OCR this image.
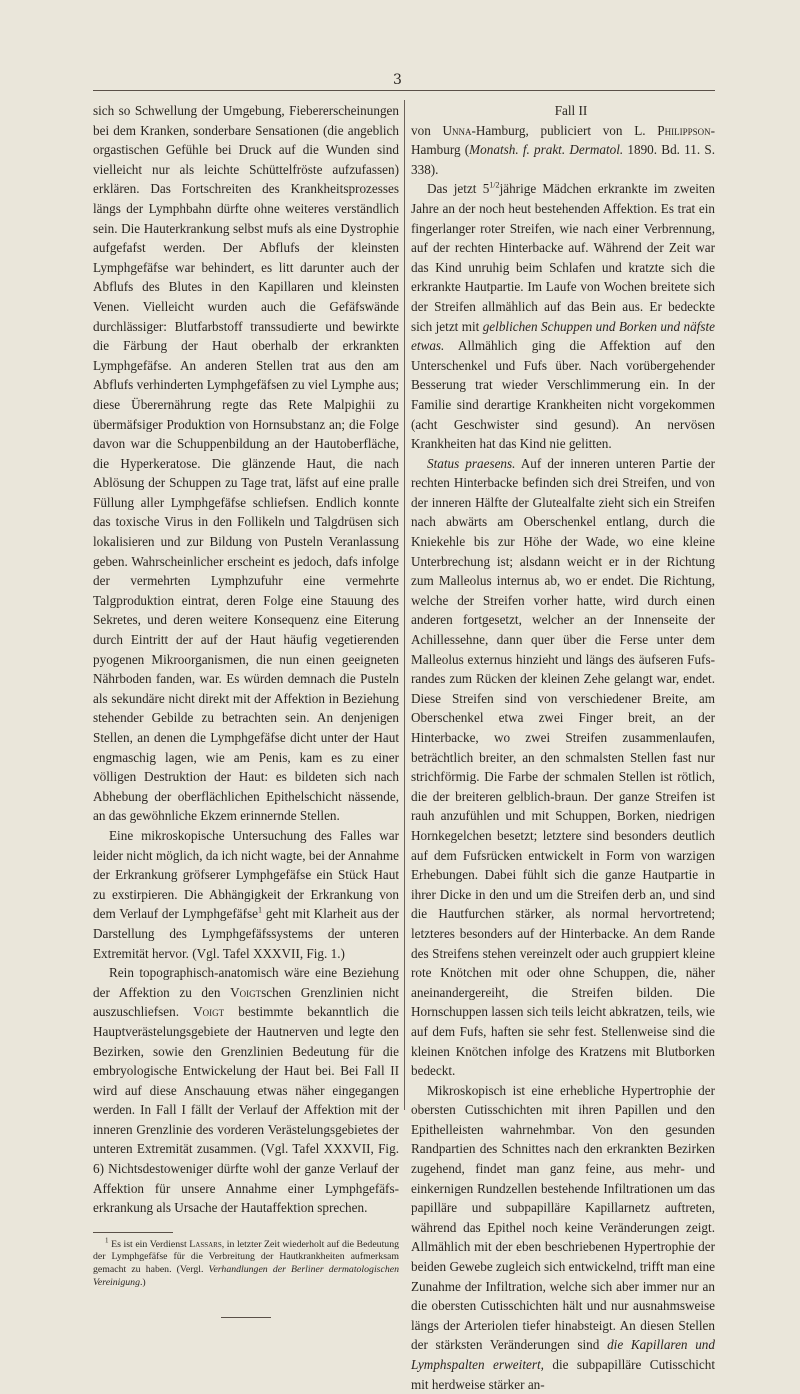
3

sich so Schwellung der Umgebung, Fiebererscheinungen bei dem Kranken, sonderbare Sensationen (die angeblich orgastischen Gefühle bei Druck auf die Wunden sind vielleicht nur als leichte Schüttelfröste aufzufassen) erklären. Das Fortschreiten des Krankheitsprozesses längs der Lymphbahn dürfte ohne weiteres verständlich sein. Die Hauterkrankung selbst mufs als eine Dystrophie aufgefafst werden. Der Abflufs der kleinsten Lymphgefäfse war behindert, es litt darunter auch der Abflufs des Blutes in den Kapillaren und kleinsten Venen. Vielleicht wurden auch die Gefäfswände durchlässiger: Blutfarbstoff transsudierte und bewirkte die Färbung der Haut oberhalb der erkrankten Lymphgefäfse. An anderen Stellen trat aus den am Abflufs verhinderten Lymphgefäfsen zu viel Lymphe aus; diese Überernährung regte das Rete Malpighii zu übermäfsiger Produktion von Hornsubstanz an; die Folge davon war die Schuppenbildung an der Hautoberfläche, die Hyperkeratose. Die glänzende Haut, die nach Ablösung der Schuppen zu Tage trat, läfst auf eine pralle Füllung aller Lymphgefäfse schliefsen. Endlich konnte das toxische Virus in den Follikeln und Talgdrüsen sich lokalisieren und zur Bildung von Pusteln Veranlassung geben. Wahrscheinlicher erscheint es jedoch, dafs infolge der vermehrten Lymphzufuhr eine vermehrte Talgproduktion eintrat, deren Folge eine Stauung des Sekretes, und deren weitere Konsequenz eine Eiterung durch Eintritt der auf der Haut häufig vegetierenden pyogenen Mikroorganismen, die nun einen geeigneten Nährboden fanden, war. Es würden demnach die Pusteln als sekundäre nicht direkt mit der Affektion in Beziehung stehender Gebilde zu betrachten sein. An denjenigen Stellen, an denen die Lymphgefäfse dicht unter der Haut engmaschig lagen, wie am Penis, kam es zu einer völligen Destruktion der Haut: es bildeten sich nach Abhebung der oberflächlichen Epithelschicht nässende, an das gewöhnliche Ekzem erinnernde Stellen.

Eine mikroskopische Untersuchung des Falles war leider nicht möglich, da ich nicht wagte, bei der Annahme der Erkrankung gröfserer Lymphgefäfse ein Stück Haut zu exstirpieren. Die Abhängigkeit der Erkrankung von dem Verlauf der Lymphgefäfse$^1$ geht mit Klarheit aus der Darstellung des Lymphgefäfssystems der unteren Extremität hervor. (Vgl. Tafel XXXVII, Fig. 1.)

Rein topographisch-anatomisch wäre eine Beziehung der Affektion zu den Voigtschen Grenzlinien nicht auszuschliefsen. Voigt bestimmte bekanntlich die Hauptverästelungsgebiete der Hautnerven und legte den Bezirken, sowie den Grenzlinien Bedeutung für die embryologische Entwickelung der Haut bei. Bei Fall II wird auf diese Anschauung etwas näher eingegangen werden. In Fall I fällt der Verlauf der Affektion mit der inneren Grenzlinie des vorderen Verästelungsgebietes der unteren Extremität zusammen. (Vgl. Tafel XXXVII, Fig. 6) Nichtsdestoweniger dürfte wohl der ganze Verlauf der Affektion für unsere Annahme einer Lymphgefäfserkrankung als Ursache der Hautaffektion sprechen.

$^1$ Es ist ein Verdienst Lassars, in letzter Zeit wiederholt auf die Bedeutung der Lymphgefäfse für die Verbreitung der Hautkrankheiten aufmerksam gemacht zu haben. (Vergl. Verhandlungen der Berliner dermatologischen Vereinigung.)

Fall II

von Unna-Hamburg, publiciert von L. Philippson-Hamburg (Monatsh. f. prakt. Dermatol. 1890. Bd. 11. S. 338).

Das jetzt $5^{1/2}jährige$ Mädchen erkrankte im zweiten Jahre an der noch heut bestehenden Affektion. Es trat ein fingerlanger roter Streifen, wie nach einer Verbrennung, auf der rechten Hinterbacke auf. Während der Zeit war das Kind unruhig beim Schlafen und kratzte sich die erkrankte Hautpartie. Im Laufe von Wochen breitete sich der Streifen allmählich auf das Bein aus. Er bedeckte sich jetzt mit gelblichen Schuppen und Borken und näfste etwas. Allmählich ging die Affektion auf den Unterschenkel und Fufs über. Nach vorübergehender Besserung trat wieder Verschlimmerung ein. In der Familie sind derartige Krankheiten nicht vorgekommen (acht Geschwister sind gesund). An nervösen Krankheiten hat das Kind nie gelitten.

Status praesens. Auf der inneren unteren Partie der rechten Hinterbacke befinden sich drei Streifen, und von der inneren Hälfte der Glutealfalte zieht sich ein Streifen nach abwärts am Oberschenkel entlang, durch die Kniekehle bis zur Höhe der Wade, wo eine kleine Unterbrechung ist; alsdann weicht er in der Richtung zum Malleolus internus ab, wo er endet. Die Richtung, welche der Streifen vorher hatte, wird durch einen anderen fortgesetzt, welcher an der Innenseite der Achillessehne, dann quer über die Ferse unter dem Malleolus externus hinzieht und längs des äufseren Fufsrandes zum Rücken der kleinen Zehe gelangt war, endet. Diese Streifen sind von verschiedener Breite, am Oberschenkel etwa zwei Finger breit, an der Hinterbacke, wo zwei Streifen zusammenlaufen, beträchtlich breiter, an den schmalsten Stellen fast nur strichförmig. Die Farbe der schmalen Stellen ist rötlich, die der breiteren gelblich-braun. Der ganze Streifen ist rauh anzufühlen und mit Schuppen, Borken, niedrigen Hornkegelchen besetzt; letztere sind besonders deutlich auf dem Fufsrücken entwickelt in Form von warzigen Erhebungen. Dabei fühlt sich die ganze Hautpartie in ihrer Dicke in den und um die Streifen derb an, und sind die Hautfurchen stärker, als normal hervortretend; letzteres besonders auf der Hinterbacke. An dem Rande des Streifens stehen vereinzelt oder auch gruppiert kleine rote Knötchen mit oder ohne Schuppen, die, näher aneinandergereiht, die Streifen bilden. Die Hornschuppen lassen sich teils leicht abkratzen, teils, wie auf dem Fufs, haften sie sehr fest. Stellenweise sind die kleinen Knötchen infolge des Kratzens mit Blutborken bedeckt.

Mikroskopisch ist eine erhebliche Hypertrophie der obersten Cutisschichten mit ihren Papillen und den Epithelleisten wahrnehmbar. Von den gesunden Randpartien des Schnittes nach den erkrankten Bezirken zugehend, findet man ganz feine, aus mehr- und einkernigen Rundzellen bestehende Infiltrationen um das papilläre und subpapilläre Kapillarnetz auftreten, während das Epithel noch keine Veränderungen zeigt. Allmählich mit der eben beschriebenen Hypertrophie der beiden Gewebe zugleich sich entwickelnd, trifft man eine Zunahme der Infiltration, welche sich aber immer nur an die obersten Cutisschichten hält und nur ausnahmsweise längs der Arteriolen tiefer hinabsteigt. An diesen Stellen der stärksten Veränderungen sind die Kapillaren und Lymphspalten erweitert, die subpapilläre Cutisschicht mit herdweise stärker an-
